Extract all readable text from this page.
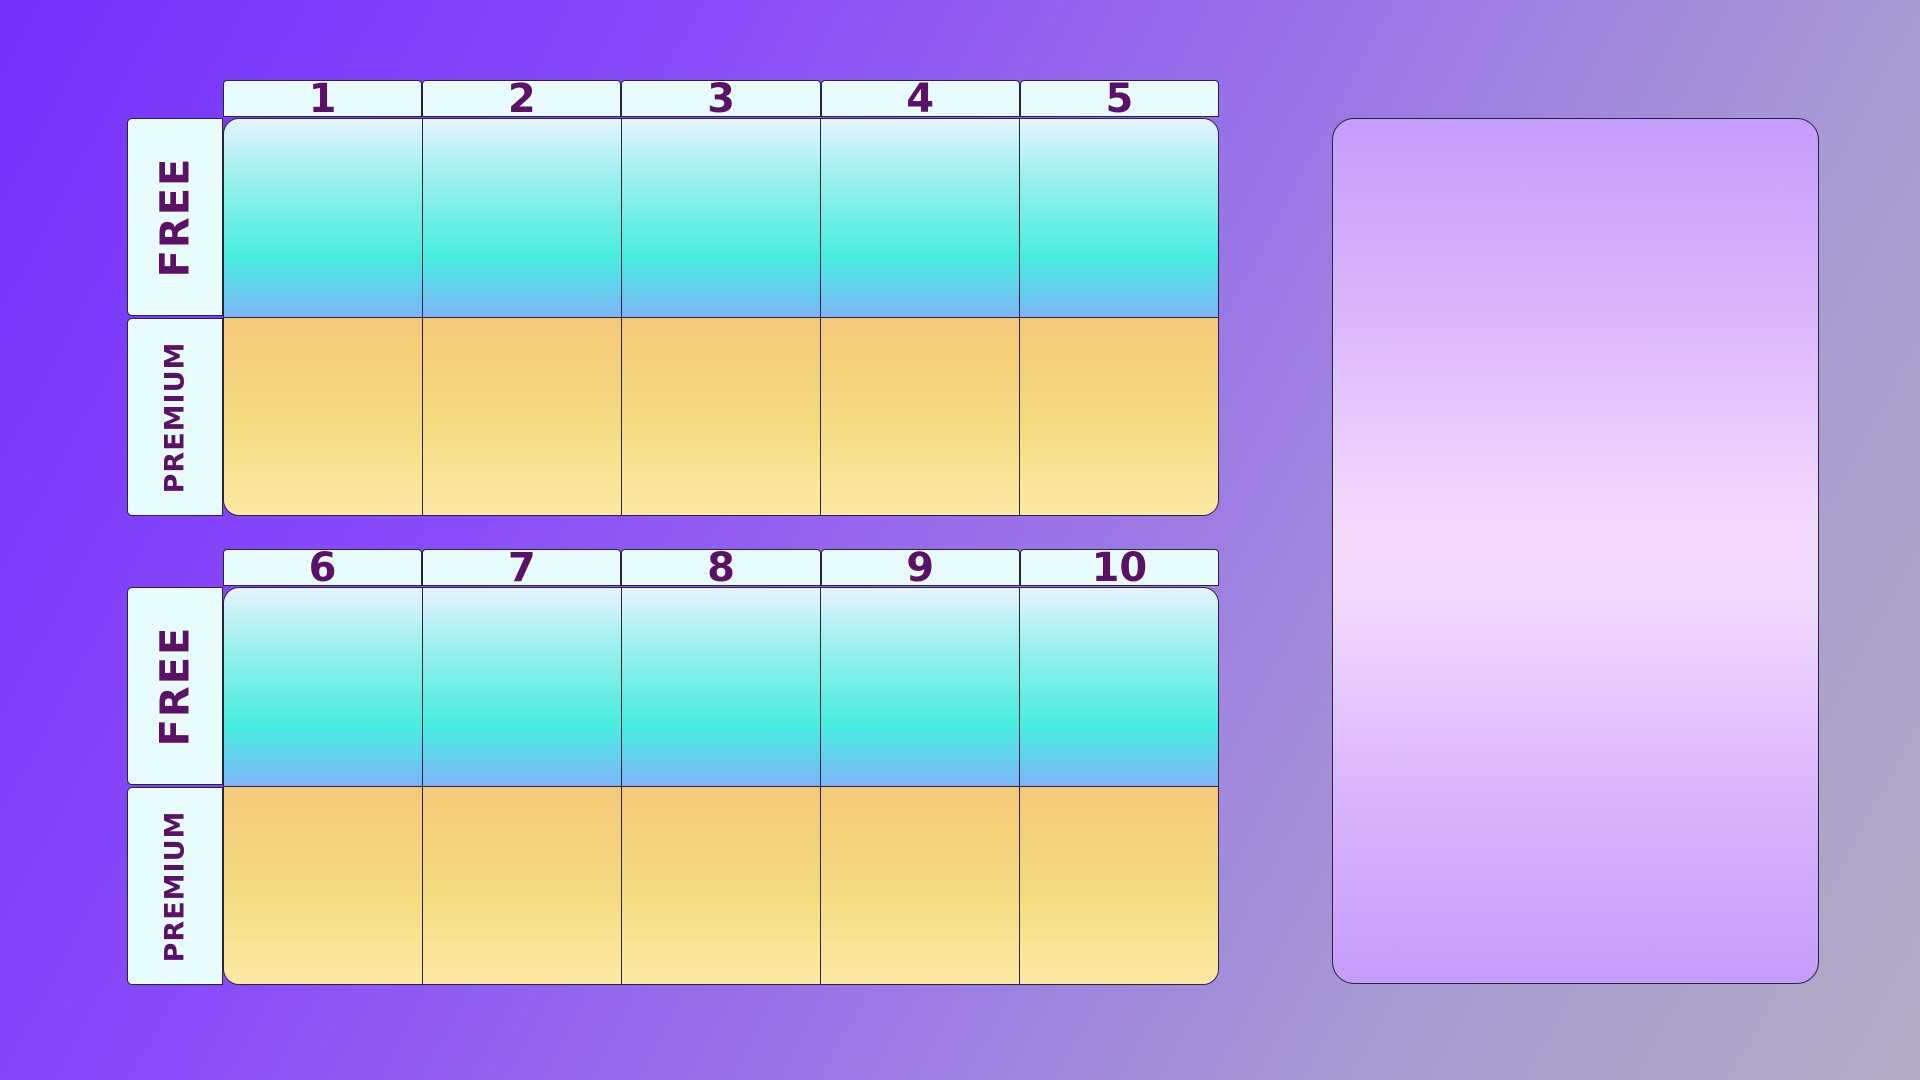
1	2	3	4	5
FREE
PREMIUM
6	7	8	9	10
FREE
PREMIUM
